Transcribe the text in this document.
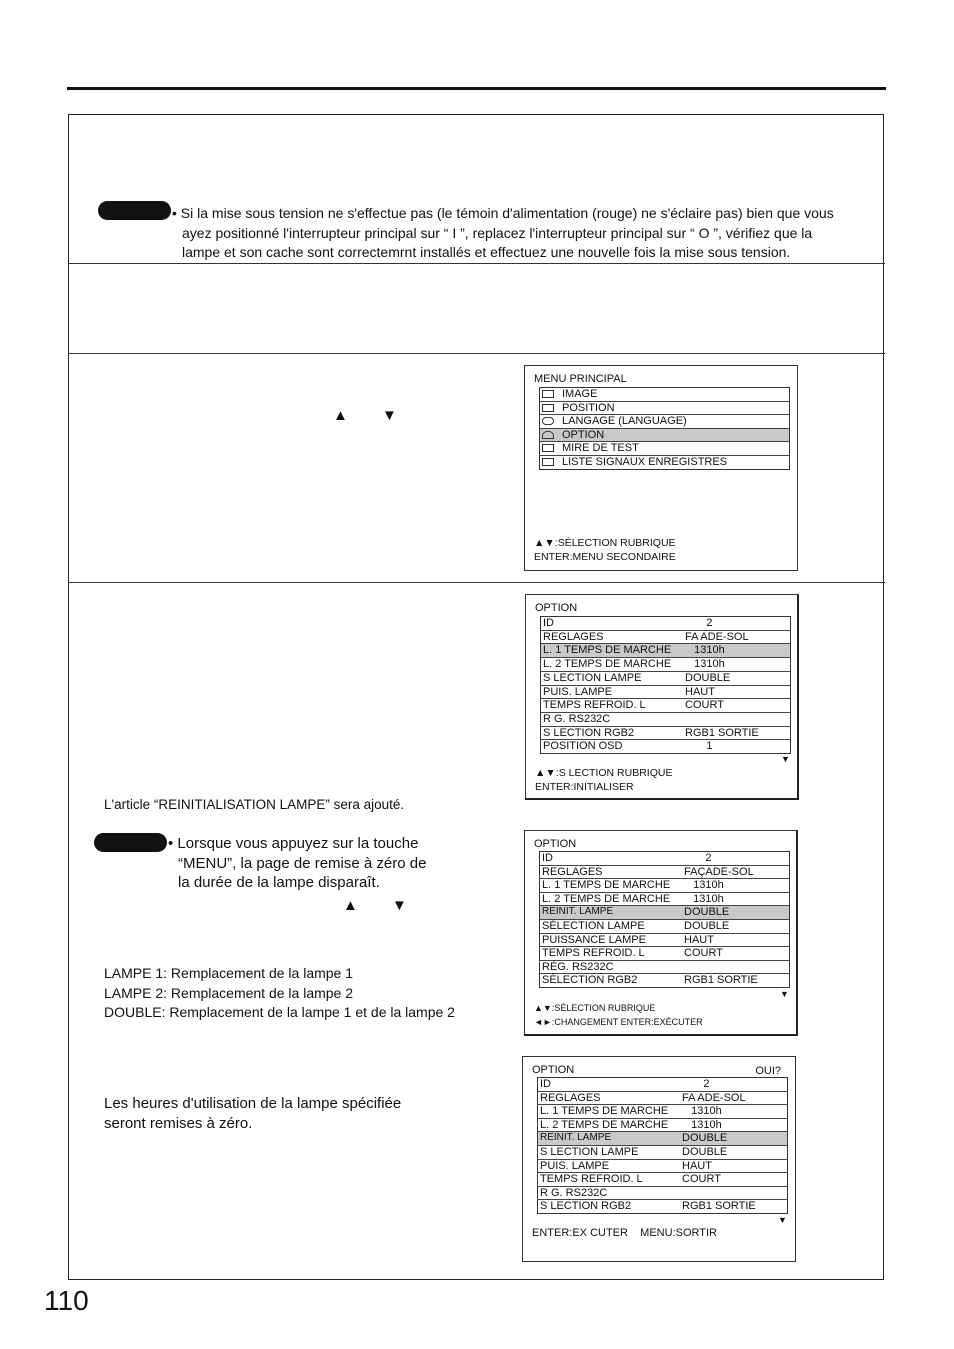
• Si la mise sous tension ne s'effectue pas (le témoin d'alimentation (rouge) ne s'éclaire pas) bien que vous
ayez positionné l'interrupteur principal sur “ I ”, replacez l'interrupteur principal sur “ O ”, vérifiez que la
lampe et son cache sont correctemrnt installés et effectuez une nouvelle fois la mise sous tension.
▲ ▼
MENU PRINCIPAL
IMAGE
POSITION
LANGAGE (LANGUAGE)
OPTION
MIRE DE TEST
LISTE SIGNAUX ENREGISTRES
▲▼:SÉLECTION RUBRIQUE
ENTER:MENU SECONDAIRE
OPTION
ID	2
REGLAGES	FA ADE-SOL
L. 1 TEMPS DE MARCHE	1310h
L. 2 TEMPS DE MARCHE	1310h
S LECTION LAMPE	DOUBLE
PUIS. LAMPE	HAUT
TEMPS REFROID. L	COURT
R G. RS232C	
S LECTION RGB2	RGB1 SORTIE
POSITION OSD	1
▼
▲▼:S LECTION RUBRIQUE
ENTER:INITIALISER
L'article “REINITIALISATION LAMPE” sera ajouté.
• Lorsque vous appuyez sur la touche
“MENU”, la page de remise à zéro de
la durée de la lampe disparaît.
▲ ▼
LAMPE 1: Remplacement de la lampe 1
LAMPE 2: Remplacement de la lampe 2
DOUBLE: Remplacement de la lampe 1 et de la lampe 2
OPTION
ID	2
REGLAGES	FAÇADE-SOL
L. 1 TEMPS DE MARCHE	1310h
L. 2 TEMPS DE MARCHE	1310h
REINIT. LAMPE	DOUBLE
SÉLECTION LAMPE	DOUBLE
PUISSANCE LAMPE	HAUT
TEMPS REFROID. L	COURT
RÉG. RS232C	
SÉLECTION RGB2	RGB1 SORTIE
▼
▲▼:SÉLECTION RUBRIQUE
◄►:CHANGEMENT ENTER:EXÉCUTER
Les heures d'utilisation de la lampe spécifiée
seront remises à zéro.
OPTION	OUI?
ID	2
REGLAGES	FA ADE-SOL
L. 1 TEMPS DE MARCHE	1310h
L. 2 TEMPS DE MARCHE	1310h
REINIT. LAMPE	DOUBLE
S LECTION LAMPE	DOUBLE
PUIS. LAMPE	HAUT
TEMPS REFROID. L	COURT
R G. RS232C	
S LECTION RGB2	RGB1 SORTIE
▼
ENTER:EX CUTER    MENU:SORTIR
110
